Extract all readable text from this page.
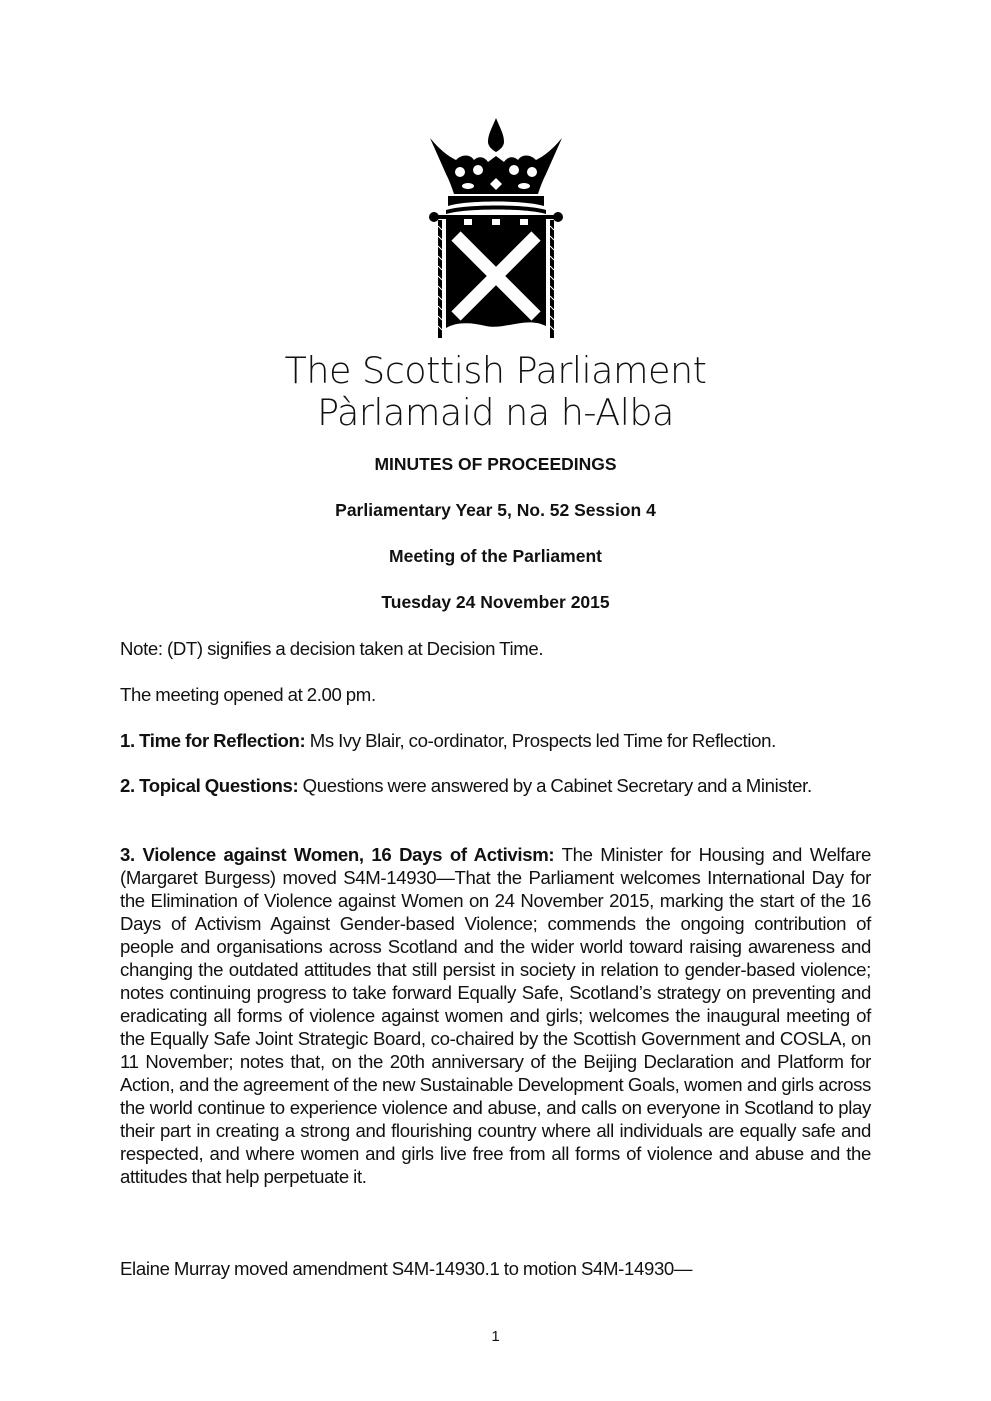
The Scottish Parliament
Pàrlamaid na h-Alba
MINUTES OF PROCEEDINGS
Parliamentary Year 5, No. 52 Session 4
Meeting of the Parliament
Tuesday 24 November 2015
Note: (DT) signifies a decision taken at Decision Time.
The meeting opened at 2.00 pm.
1. Time for Reflection: Ms Ivy Blair, co-ordinator, Prospects led Time for Reflection.
2. Topical Questions: Questions were answered by a Cabinet Secretary and a Minister.
3. Violence against Women, 16 Days of Activism: The Minister for Housing and Welfare (Margaret Burgess) moved S4M-14930—That the Parliament welcomes International Day for the Elimination of Violence against Women on 24 November 2015, marking the start of the 16 Days of Activism Against Gender-based Violence; commends the ongoing contribution of people and organisations across Scotland and the wider world toward raising awareness and changing the outdated attitudes that still persist in society in relation to gender-based violence; notes continuing progress to take forward Equally Safe, Scotland’s strategy on preventing and eradicating all forms of violence against women and girls; welcomes the inaugural meeting of the Equally Safe Joint Strategic Board, co-chaired by the Scottish Government and COSLA, on 11 November; notes that, on the 20th anniversary of the Beijing Declaration and Platform for Action, and the agreement of the new Sustainable Development Goals, women and girls across the world continue to experience violence and abuse, and calls on everyone in Scotland to play their part in creating a strong and flourishing country where all individuals are equally safe and respected, and where women and girls live free from all forms of violence and abuse and the attitudes that help perpetuate it.
Elaine Murray moved amendment S4M-14930.1 to motion S4M-14930—
1
